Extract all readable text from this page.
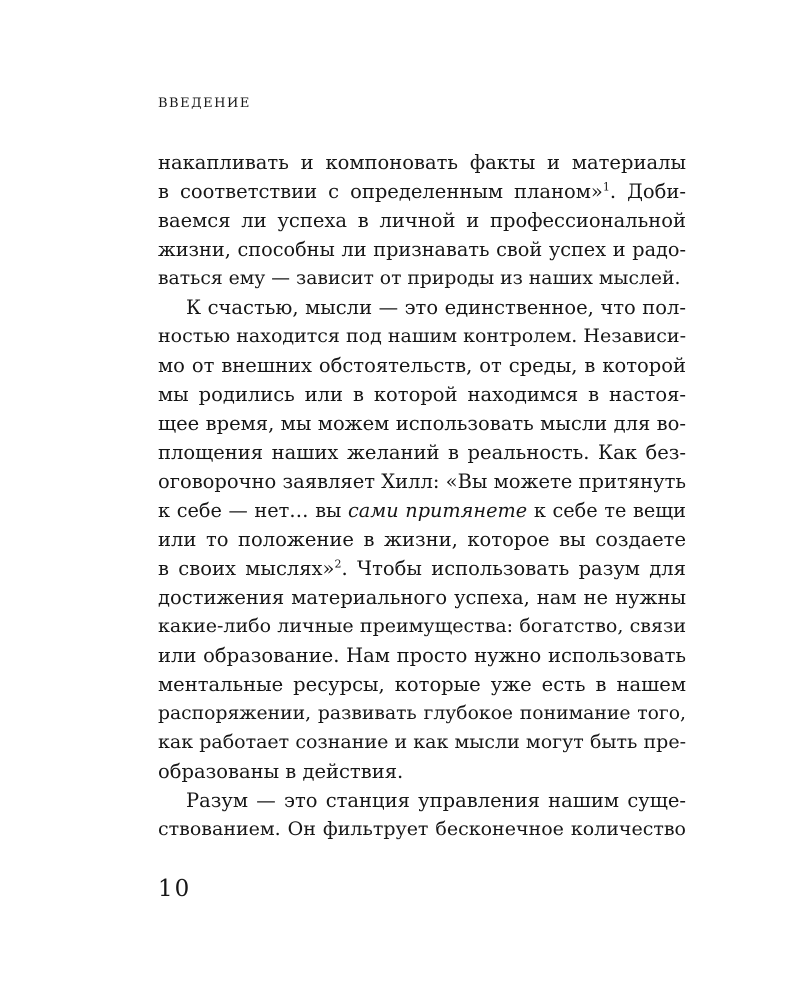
введение
накапливать и компоновать факты и материалы
в соответствии с определенным планом»$^1$. Доби-
ваемся ли успеха в личной и профессиональной
жизни, способны ли признавать свой успех и радо-
ваться ему — зависит от природы из наших мыслей.
К счастью, мысли — это единственное, что пол-
ностью находится под нашим контролем. Независи-
мо от внешних обстоятельств, от среды, в которой
мы родились или в которой находимся в настоя-
щее время, мы можем использовать мысли для во-
площения наших желаний в реальность. Как без-
оговорочно заявляет Хилл: «Вы можете притянуть
к себе — нет… вы сами притянете к себе те вещи
или то положение в жизни, которое вы создаете
в своих мыслях»$^2$. Чтобы использовать разум для
достижения материального успеха, нам не нужны
какие-либо личные преимущества: богатство, связи
или образование. Нам просто нужно использовать
ментальные ресурсы, которые уже есть в нашем
распоряжении, развивать глубокое понимание того,
как работает сознание и как мысли могут быть пре-
образованы в действия.
Разум — это станция управления нашим суще-
ствованием. Он фильтрует бесконечное количество
10
